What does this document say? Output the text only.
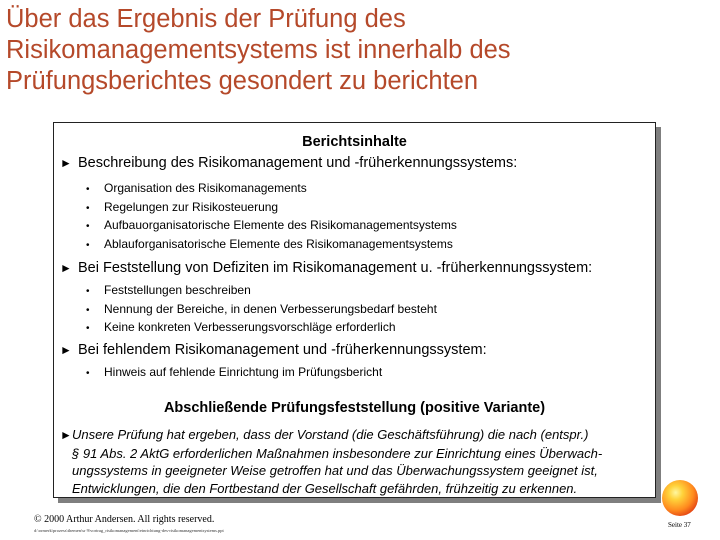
Über das Ergebnis der Prüfung des
Risikomanagementsystems ist innerhalb des
Prüfungsberichtes gesondert zu berichten
Berichtsinhalte
► Beschreibung des Risikomanagement und -früherkennungssystems:
• Organisation des Risikomanagements
• Regelungen zur Risikosteuerung
• Aufbauorganisatorische Elemente des Risikomanagementsystems
• Ablauforganisatorische Elemente des Risikomanagementsystems
► Bei Feststellung von Defiziten im Risikomanagement u. -früherkennungssystem:
• Feststellungen beschreiben
• Nennung der Bereiche, in denen Verbesserungsbedarf besteht
• Keine konkreten Verbesserungsvorschläge erforderlich
► Bei fehlendem Risikomanagement und -früherkennungssystem:
• Hinweis auf fehlende Einrichtung im Prüfungsbericht
Abschließende Prüfungsfeststellung (positive Variante)
►Unsere Prüfung hat ergeben, dass der Vorstand (die Geschäftsführung) die nach (entspr.)
§ 91 Abs. 2 AktG erforderlichen Maßnahmen insbesondere zur Einrichtung eines Überwach-
ungssystems in geeigneter Weise getroffen hat und das Überwachungssystem geeignet ist,
Entwicklungen, die den Fortbestand der Gesellschaft gefährden, frühzeitig zu erkennen.
© 2000 Arthur Andersen. All rights reserved.
d:\ormerk\prozess\themen\sr 9\vortrag_risikomanagement\einrichtung-des-risikomanagementsystems.ppt
Seite 37
